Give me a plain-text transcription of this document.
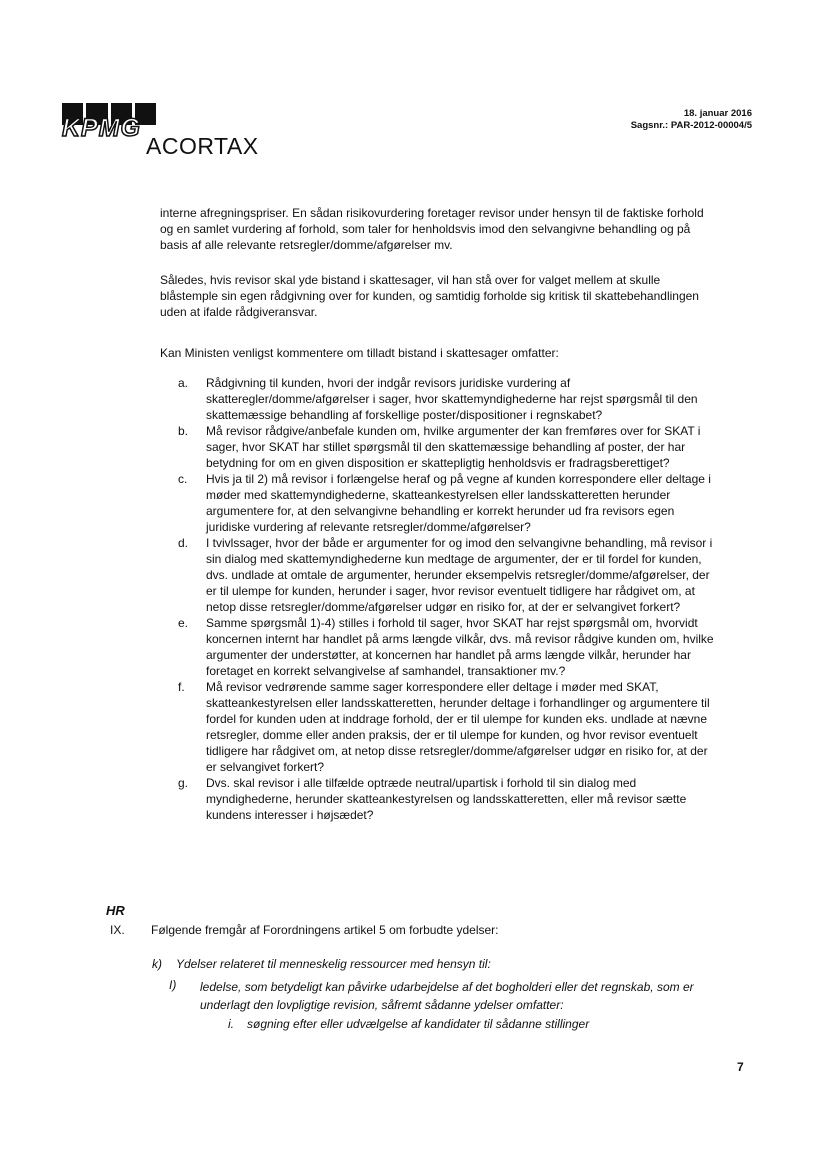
KPMG
ACORTAX
18. januar 2016
Sagsnr.: PAR-2012-00004/5
interne afregningspriser. En sådan risikovurdering foretager revisor under hensyn til de faktiske forhold og en samlet vurdering af forhold, som taler for henholdsvis imod den selvangivne behandling og på basis af alle relevante retsregler/domme/afgørelser mv.
Således, hvis revisor skal yde bistand i skattesager, vil han stå over for valget mellem at skulle blåstemple sin egen rådgivning over for kunden, og samtidig forholde sig kritisk til skattebehandlingen uden at ifalde rådgiveransvar.
Kan Ministen venligst kommentere om tilladt bistand i skattesager omfatter:
a.	Rådgivning til kunden, hvori der indgår revisors juridiske vurdering af skatteregler/domme/afgørelser i sager, hvor skattemyndighederne har rejst spørgsmål til den skattemæssige behandling af forskellige poster/dispositioner i regnskabet?
b.	Må revisor rådgive/anbefale kunden om, hvilke argumenter der kan fremføres over for SKAT i sager, hvor SKAT har stillet spørgsmål til den skattemæssige behandling af poster, der har betydning for om en given disposition er skattepligtig henholdsvis er fradragsberettiget?
c.	Hvis ja til 2) må revisor i forlængelse heraf og på vegne af kunden korrespondere eller deltage i møder med skattemyndighederne, skatteankestyrelsen eller landsskatteretten herunder argumentere for, at den selvangivne behandling er korrekt herunder ud fra revisors egen juridiske vurdering af relevante retsregler/domme/afgørelser?
d.	I tvivlssager, hvor der både er argumenter for og imod den selvangivne behandling, må revisor i sin dialog med skattemyndighederne kun medtage de argumenter, der er til fordel for kunden, dvs. undlade at omtale de argumenter, herunder eksempelvis retsregler/domme/afgørelser, der er til ulempe for kunden, herunder i sager, hvor revisor eventuelt tidligere har rådgivet om, at netop disse retsregler/domme/afgørelser udgør en risiko for, at der er selvangivet forkert?
e.	Samme spørgsmål 1)-4) stilles i forhold til sager, hvor SKAT har rejst spørgsmål om, hvorvidt koncernen internt har handlet på arms længde vilkår, dvs. må revisor rådgive kunden om, hvilke argumenter der understøtter, at koncernen har handlet på arms længde vilkår, herunder har foretaget en korrekt selvangivelse af samhandel, transaktioner mv.?
f.	Må revisor vedrørende samme sager korrespondere eller deltage i møder med SKAT, skatteankestyrelsen eller landsskatteretten, herunder deltage i forhandlinger og argumentere til fordel for kunden uden at inddrage forhold, der er til ulempe for kunden eks. undlade at nævne retsregler, domme eller anden praksis, der er til ulempe for kunden, og hvor revisor eventuelt tidligere har rådgivet om, at netop disse retsregler/domme/afgørelser udgør en risiko for, at der er selvangivet forkert?
g.	Dvs. skal revisor i alle tilfælde optræde neutral/upartisk i forhold til sin dialog med myndighederne, herunder skatteankestyrelsen og landsskatteretten, eller må revisor sætte kundens interesser i højsædet?
HR
IX. Følgende fremgår af Forordningens artikel 5 om forbudte ydelser:
k) Ydelser relateret til menneskelig ressourcer med hensyn til:
I) ledelse, som betydeligt kan påvirke udarbejdelse af det bogholderi eller det regnskab, som er underlagt den lovpligtige revision, såfremt sådanne ydelser omfatter:
i. søgning efter eller udvælgelse af kandidater til sådanne stillinger
7
